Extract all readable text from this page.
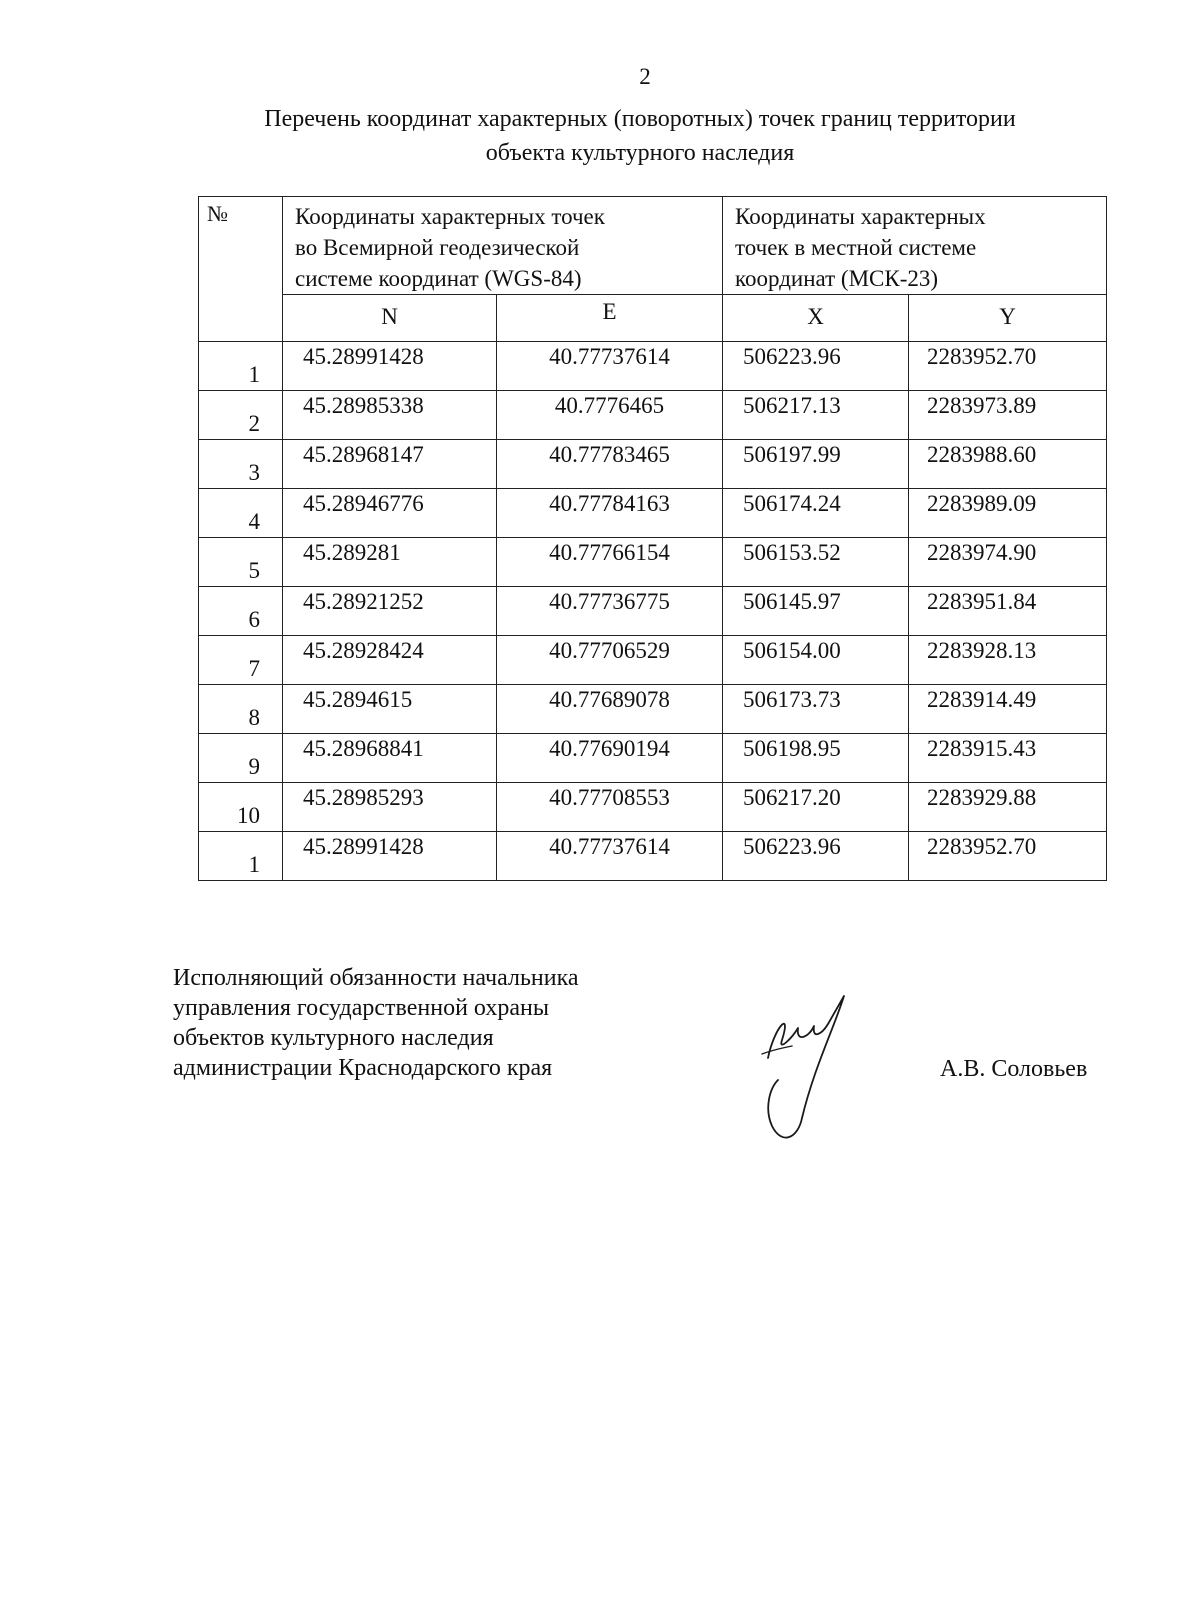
2
Перечень координат характерных (поворотных) точек границ территории
объекта культурного наследия
№	Координаты характерных точек
во Всемирной геодезической
системе координат (WGS-84)		Координаты характерных
точек в местной системе
координат (МСК-23)	

	N	E	X	Y
1	45.28991428	40.77737614	506223.96	2283952.70
2	45.28985338	40.7776465	506217.13	2283973.89
3	45.28968147	40.77783465	506197.99	2283988.60
4	45.28946776	40.77784163	506174.24	2283989.09
5	45.289281	40.77766154	506153.52	2283974.90
6	45.28921252	40.77736775	506145.97	2283951.84
7	45.28928424	40.77706529	506154.00	2283928.13
8	45.2894615	40.77689078	506173.73	2283914.49
9	45.28968841	40.77690194	506198.95	2283915.43
10	45.28985293	40.77708553	506217.20	2283929.88
1	45.28991428	40.77737614	506223.96	2283952.70
Исполняющий обязанности начальника
управления государственной охраны
объектов культурного наследия
администрации Краснодарского края	А.В. Соловьев
